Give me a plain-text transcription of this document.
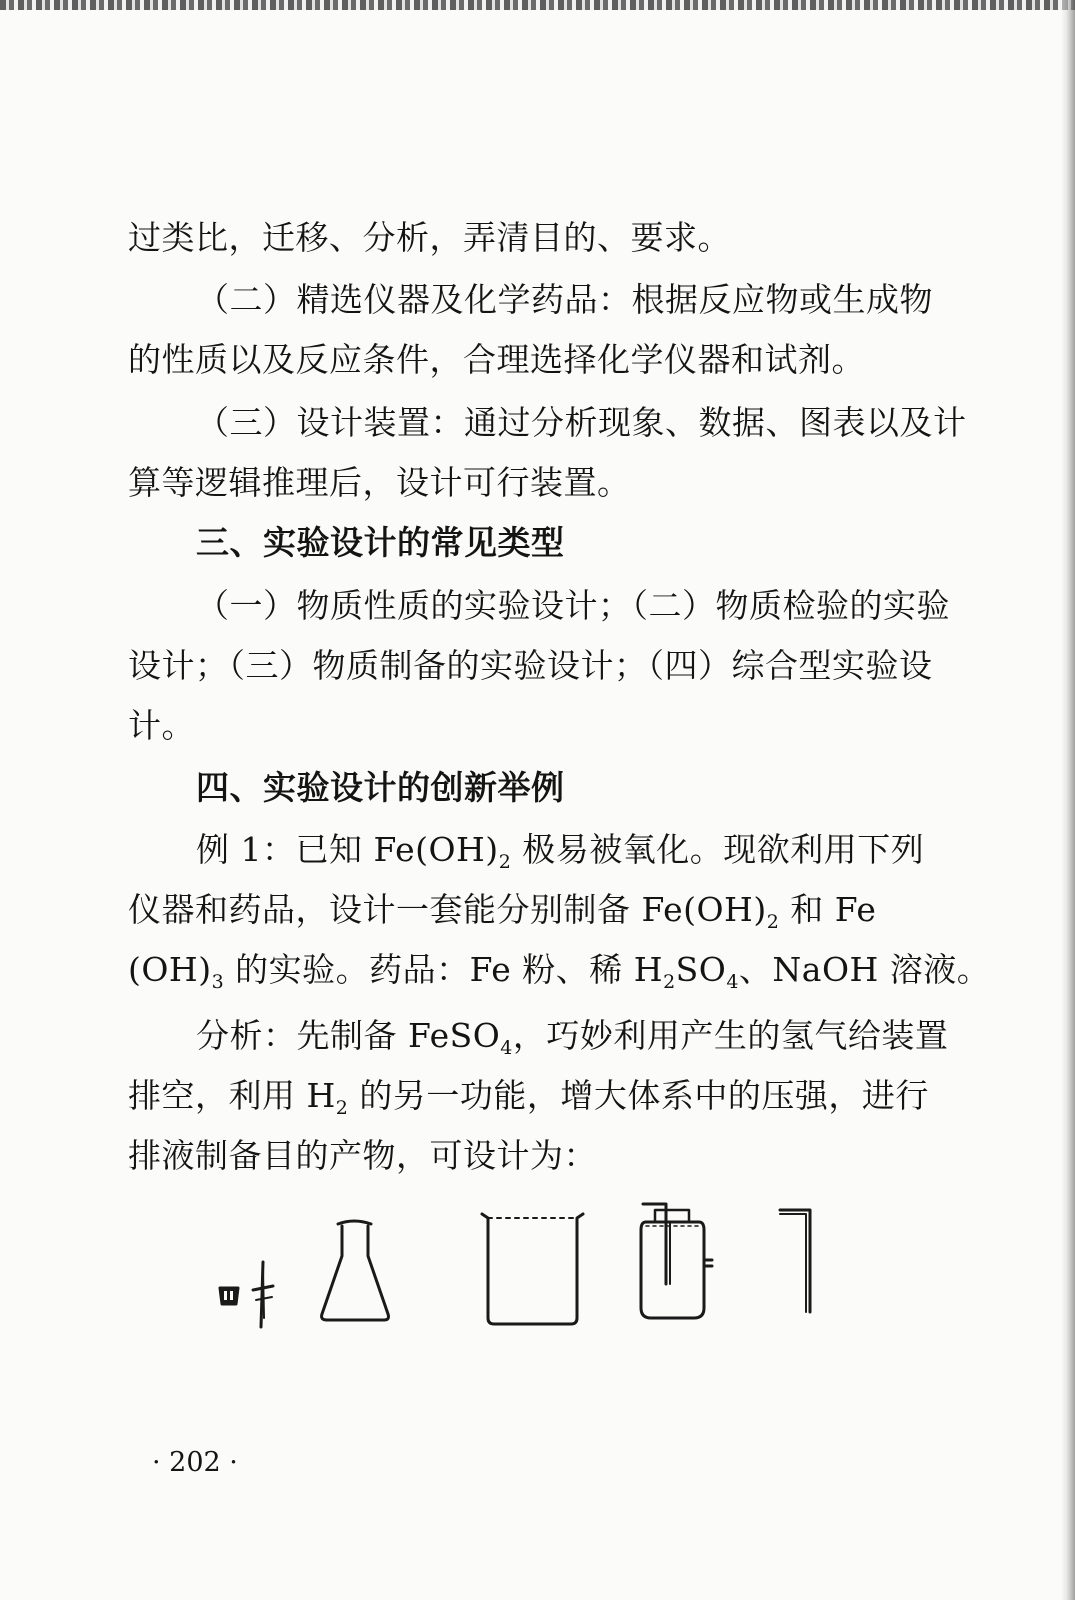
过类比，迁移、分析，弄清目的、要求。
（二）精选仪器及化学药品：根据反应物或生成物
的性质以及反应条件，合理选择化学仪器和试剂。
（三）设计装置：通过分析现象、数据、图表以及计
算等逻辑推理后，设计可行装置。
三、实验设计的常见类型
（一）物质性质的实验设计；（二）物质检验的实验
设计；（三）物质制备的实验设计；（四）综合型实验设
计。
四、实验设计的创新举例
例 1：已知 $Fe(OH)_2$ 极易被氧化。现欲利用下列
仪器和药品，设计一套能分别制备 $Fe(OH)_2$ 和 Fe
$(OH)_3$ 的实验。药品：Fe 粉、稀 $H_2SO_4$、NaOH 溶液。
分析：先制备 FeSO$_4$，巧妙利用产生的氢气给装置
排空，利用 $H_2$ 的另一功能，增大体系中的压强，进行
排液制备目的产物，可设计为：
· 202 ·
